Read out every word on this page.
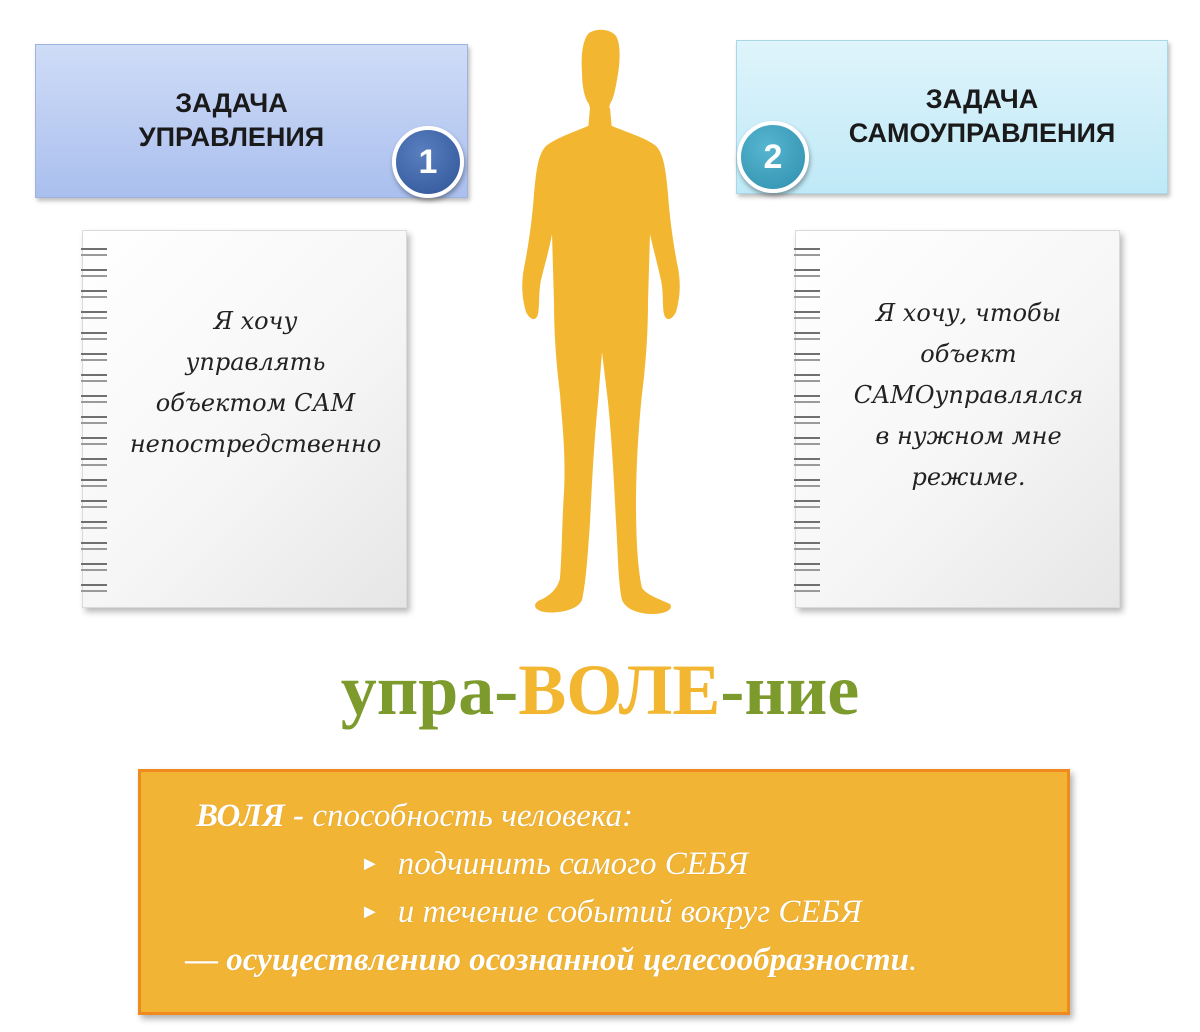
ЗАДАЧА
УПРАВЛЕНИЯ
1
ЗАДАЧА
САМОУПРАВЛЕНИЯ
2
Я хочу
управлять
объектом САМ
непострeдственно
Я хочу, чтобы
объект
САМОуправлялся
в нужном мне
режиме.
упра-ВОЛЕ-ние
ВОЛЯ - способность человека:
► подчинить самого СЕБЯ
► и течение событий вокруг СЕБЯ
— осуществлению осознанной целесообразности.
